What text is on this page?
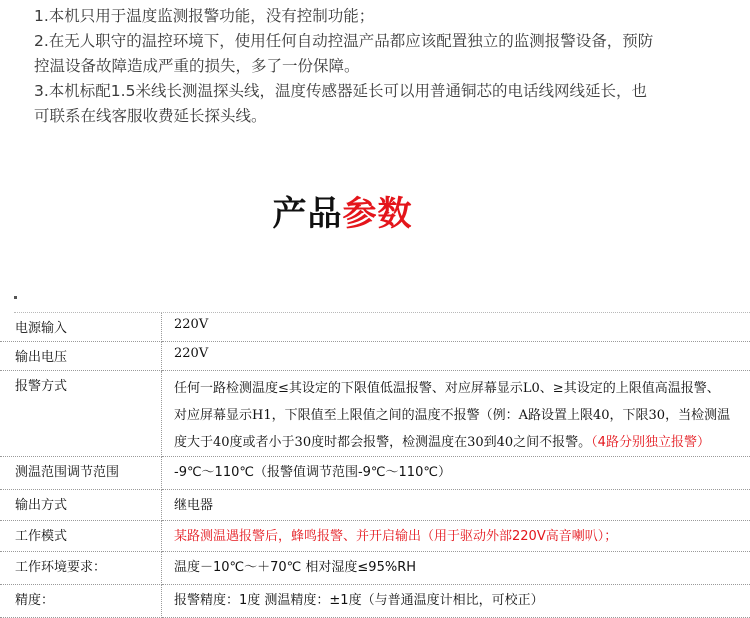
1.本机只用于温度监测报警功能，没有控制功能；
2.在无人职守的温控环境下，使用任何自动控温产品都应该配置独立的监测报警设备，预防
控温设备故障造成严重的损失，多了一份保障。
3.本机标配1.5米线长测温探头线，温度传感器延长可以用普通铜芯的电话线网线延长，也
可联系在线客服收费延长探头线。
产品参数
电源输入	220V
输出电压	220V
报警方式	任何一路检测温度≤其设定的下限值低温报警、对应屏幕显示L0、≥其设定的上限值高温报警、
对应屏幕显示H1，下限值至上限值之间的温度不报警（例：A路设置上限40，下限30，当检测温
度大于40度或者小于30度时都会报警，检测温度在30到40之间不报警。（4路分别独立报警）

测温范围调节范围	-9℃～110℃（报警值调节范围-9℃～110℃）
输出方式	继电器
工作模式	某路测温遇报警后，蜂鸣报警、并开启输出（用于驱动外部220V高音喇叭）；
工作环境要求：	温度－10℃～＋70℃ 相对湿度≤95%RH
精度：	报警精度：1度 测温精度：±1度（与普通温度计相比，可校正）
